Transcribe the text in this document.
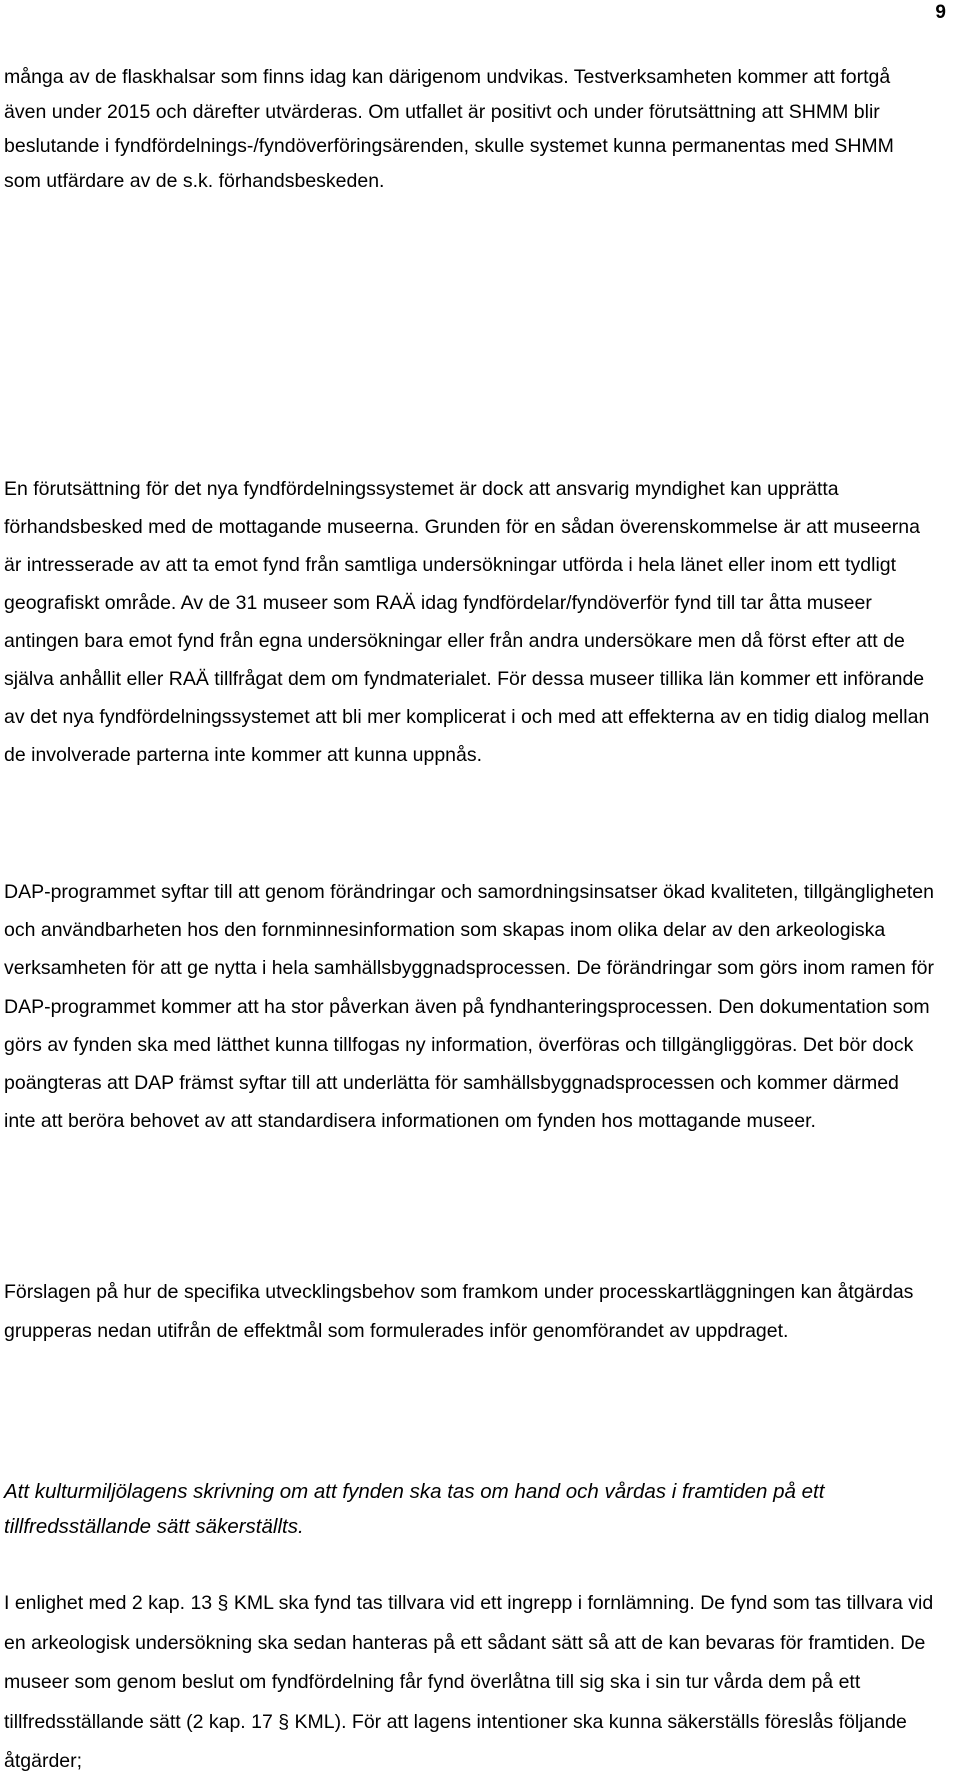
9

många av de flaskhalsar som finns idag kan därigenom undvikas. Testverksamheten kommer att fortgå även under 2015 och därefter utvärderas. Om utfallet är positivt och under förutsättning att SHMM blir beslutande i fyndfördelnings-/fyndöverföringsärenden, skulle systemet kunna permanentas med SHMM som utfärdare av de s.k. förhandsbeskeden.

En förutsättning för det nya fyndfördelningssystemet är dock att ansvarig myndighet kan upprätta förhandsbesked med de mottagande museerna. Grunden för en sådan överenskommelse är att museerna är intresserade av att ta emot fynd från samtliga undersökningar utförda i hela länet eller inom ett tydligt geografiskt område. Av de 31 museer som RAÄ idag fyndfördelar/fyndöverför fynd till tar åtta museer antingen bara emot fynd från egna undersökningar eller från andra undersökare men då först efter att de själva anhållit eller RAÄ tillfrågat dem om fyndmaterialet. För dessa museer tillika län kommer ett införande av det nya fyndfördelningssystemet att bli mer komplicerat i och med att effekterna av en tidig dialog mellan de involverade parterna inte kommer att kunna uppnås.

DAP-programmet syftar till att genom förändringar och samordningsinsatser ökad kvaliteten, tillgängligheten och användbarheten hos den fornminnesinformation som skapas inom olika delar av den arkeologiska verksamheten för att ge nytta i hela samhällsbyggnadsprocessen. De förändringar som görs inom ramen för DAP-programmet kommer att ha stor påverkan även på fyndhanteringsprocessen. Den dokumentation som görs av fynden ska med lätthet kunna tillfogas ny information, överföras och tillgängliggöras. Det bör dock poängteras att DAP främst syftar till att underlätta för samhällsbyggnadsprocessen och kommer därmed inte att beröra behovet av att standardisera informationen om fynden hos mottagande museer.

Förslagen på hur de specifika utvecklingsbehov som framkom under processkartläggningen kan åtgärdas grupperas nedan utifrån de effektmål som formulerades inför genomförandet av uppdraget.

Att kulturmiljölagens skrivning om att fynden ska tas om hand och vårdas i framtiden på ett tillfredsställande sätt säkerställts.

I enlighet med 2 kap. 13 § KML ska fynd tas tillvara vid ett ingrepp i fornlämning. De fynd som tas tillvara vid en arkeologisk undersökning ska sedan hanteras på ett sådant sätt så att de kan bevaras för framtiden. De museer som genom beslut om fyndfördelning får fynd överlåtna till sig ska i sin tur vårda dem på ett tillfredsställande sätt (2 kap. 17 § KML). För att lagens intentioner ska kunna säkerställs föreslås följande åtgärder;
